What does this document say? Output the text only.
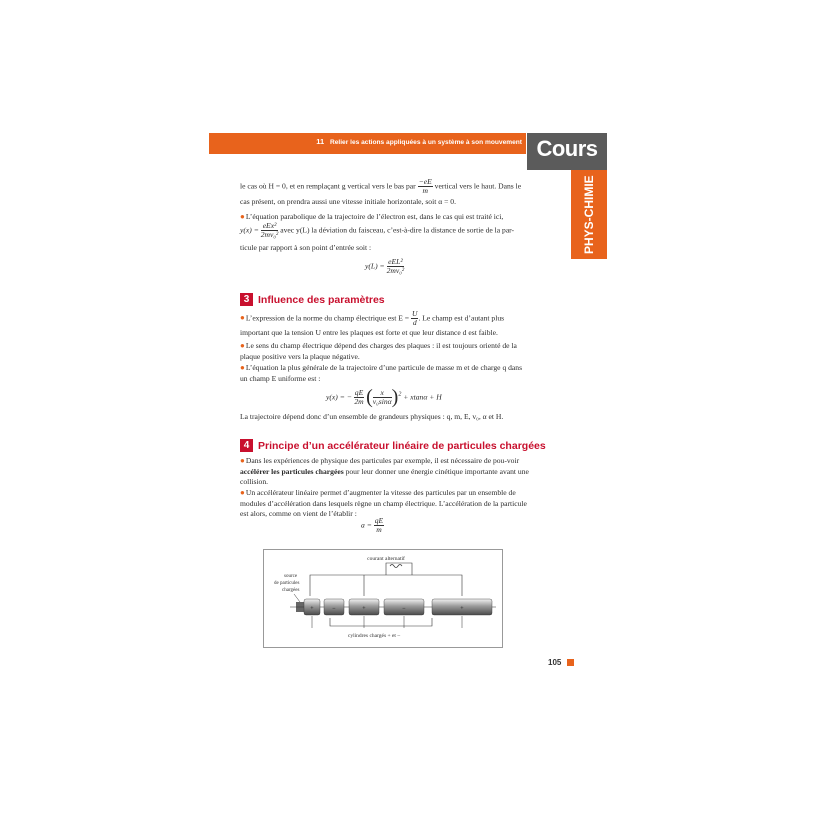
11 Relier les actions appliquées à un système à son mouvement Cours
PHYS-CHIMIE
le cas où H = 0, et en remplaçant g vertical vers le bas par $\frac{-eE}{m}$ vertical vers le haut. Dans le
cas présent, on prendra aussi une vitesse initiale horizontale, soit α = 0.
●L’équation parabolique de la trajectoire de l’électron est, dans le cas qui est traité ici,
$y(x) = \frac{\text{eEx²}}{\text{2mv₀²}}$ avec y(L) la déviation du faisceau, c’est-à-dire la distance de sortie de la par-
ticule par rapport à son point d’entrée soit :
$y(L) = \frac{\text{eEL²}}{\text{2mv₀²}}$
3 Influence des paramètres
●L’expression de la norme du champ électrique est $E = \frac{U}{d}$ . Le champ est d’autant plus
important que la tension U entre les plaques est forte et que leur distance d est faible.
●Le sens du champ électrique dépend des charges des plaques : il est toujours orienté de la plaque positive vers la plaque négative.
●L’équation la plus générale de la trajectoire d’une particule de masse m et de charge q dans un champ E uniforme est :
y(x) = − $\frac{qE}{2m}$ ( $\frac{x}{\text{v₀sinα}} )^2 + xtan\alpha + H$
La trajectoire dépend donc d’un ensemble de grandeurs physiques : q, m, E, v₀, α et H.
4 Principe d’un accélérateur linéaire de particules chargées
●Dans les expériences de physique des particules par exemple, il est nécessaire de pou-voir accélérer les particules chargées pour leur donner une énergie cinétique importante avant une collision.
●Un accélérateur linéaire permet d’augmenter la vitesse des particules par un ensemble de modules d’accélération dans lesquels règne un champ électrique. L’accélération de la particule est alors, comme on vient de l’établir :
$a = \frac{qE}{m}$
courant alternatif
source de particules chargées
+	−	+	−	+
cylindres chargés + et –
105
